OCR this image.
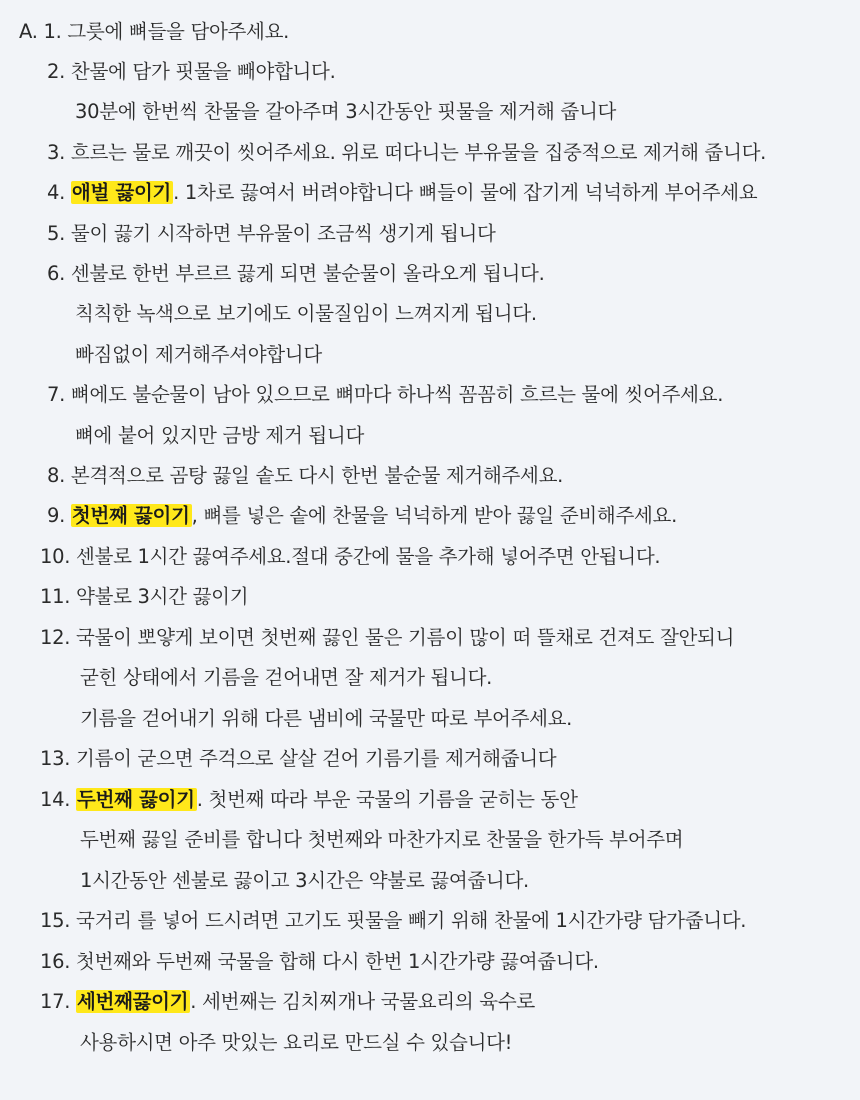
A. 1. 그릇에 뼈들을 담아주세요.
2. 찬물에 담가 핏물을 빼야합니다.
30분에 한번씩 찬물을 갈아주며 3시간동안 핏물을 제거해 줍니다
3. 흐르는 물로 깨끗이 씻어주세요. 위로 떠다니는 부유물을 집중적으로 제거해 줍니다.
4. 애벌 끓이기 . 1차로 끓여서 버려야합니다 뼈들이 물에 잡기게 넉넉하게 부어주세요
5. 물이 끓기 시작하면 부유물이 조금씩 생기게 됩니다
6. 센불로 한번 부르르 끓게 되면 불순물이 올라오게 됩니다.
칙칙한 녹색으로 보기에도 이물질임이 느껴지게 됩니다.
빠짐없이 제거해주셔야합니다
7. 뼈에도 불순물이 남아 있으므로 뼈마다 하나씩 꼼꼼히 흐르는 물에 씻어주세요.
뼈에 붙어 있지만 금방 제거 됩니다
8. 본격적으로 곰탕 끓일 솥도 다시 한번 불순물 제거해주세요.
9. 첫번째 끓이기 , 뼈를 넣은 솥에 찬물을 넉넉하게 받아 끓일 준비해주세요.
10. 센불로 1시간 끓여주세요.절대 중간에 물을 추가해 넣어주면 안됩니다.
11. 약불로 3시간 끓이기
12. 국물이 뽀얗게 보이면 첫번째 끓인 물은 기름이 많이 떠 뜰채로 건져도 잘안되니
굳힌 상태에서 기름을 걷어내면 잘 제거가 됩니다.
기름을 걷어내기 위해 다른 냄비에 국물만 따로 부어주세요.
13. 기름이 굳으면 주걱으로 살살 걷어 기름기를 제거해줍니다
14. 두번째 끓이기 . 첫번째 따라 부운 국물의 기름을 굳히는 동안
두번째 끓일 준비를 합니다 첫번째와 마찬가지로 찬물을 한가득 부어주며
1시간동안 센불로 끓이고 3시간은 약불로 끓여줍니다.
15. 국거리 를 넣어 드시려면 고기도 핏물을 빼기 위해 찬물에 1시간가량 담가줍니다.
16. 첫번째와 두번째 국물을 합해 다시 한번 1시간가량 끓여줍니다.
17. 세번째끓이기 . 세번째는 김치찌개나 국물요리의 육수로
사용하시면 아주 맛있는 요리로 만드실 수 있습니다!
